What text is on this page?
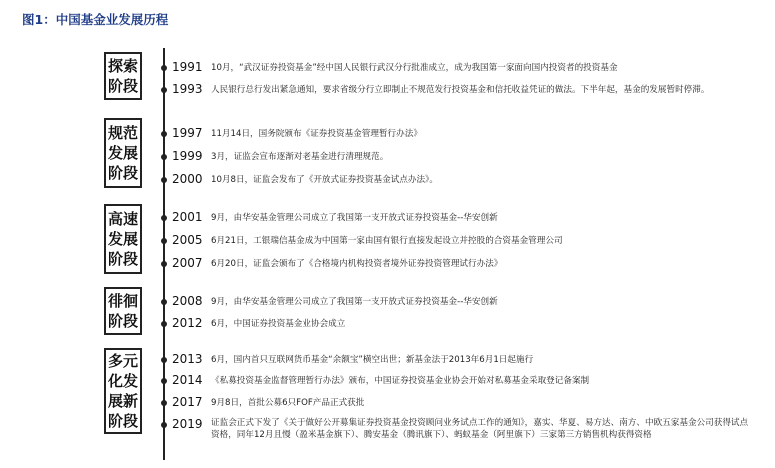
图1：中国基金业发展历程
探索阶段
规范发展阶段
高速发展阶段
徘徊阶段
多元化发展新阶段
1991 10月，“武汉证券投资基金”经中国人民银行武汉分行批准成立，成为我国第一家面向国内投资者的投资基金
1993 人民银行总行发出紧急通知，要求省级分行立即制止不规范发行投资基金和信托收益凭证的做法。下半年起，基金的发展暂时停滞。
1997 11月14日，国务院颁布《证券投资基金管理暂行办法》
1999 3月，证监会宣布逐渐对老基金进行清理规范。
2000 10月8日，证监会发布了《开放式证券投资基金试点办法》。
2001 9月，由华安基金管理公司成立了我国第一支开放式证券投资基金--华安创新
2005 6月21日，工银瑞信基金成为中国第一家由国有银行直接发起设立并控股的合资基金管理公司
2007 6月20日，证监会颁布了《合格境内机构投资者境外证券投资管理试行办法》
2008 9月，由华安基金管理公司成立了我国第一支开放式证券投资基金--华安创新
2012 6月，中国证券投资基金业协会成立
2013 6月，国内首只互联网货币基金“余额宝”横空出世；新基金法于2013年6月1日起施行
2014 《私募投资基金监督管理暂行办法》颁布，中国证券投资基金业协会开始对私募基金采取登记备案制
2017 9月8日，首批公募6只FOF产品正式获批
2019 证监会正式下发了《关于做好公开募集证券投资基金投资顾问业务试点工作的通知》，嘉实、华夏、易方达、南方、中欧五家基金公司获得试点资格，同年12月且慢（盈米基金旗下）、腾安基金（腾讯旗下）、蚂蚁基金（阿里旗下）三家第三方销售机构获得资格
